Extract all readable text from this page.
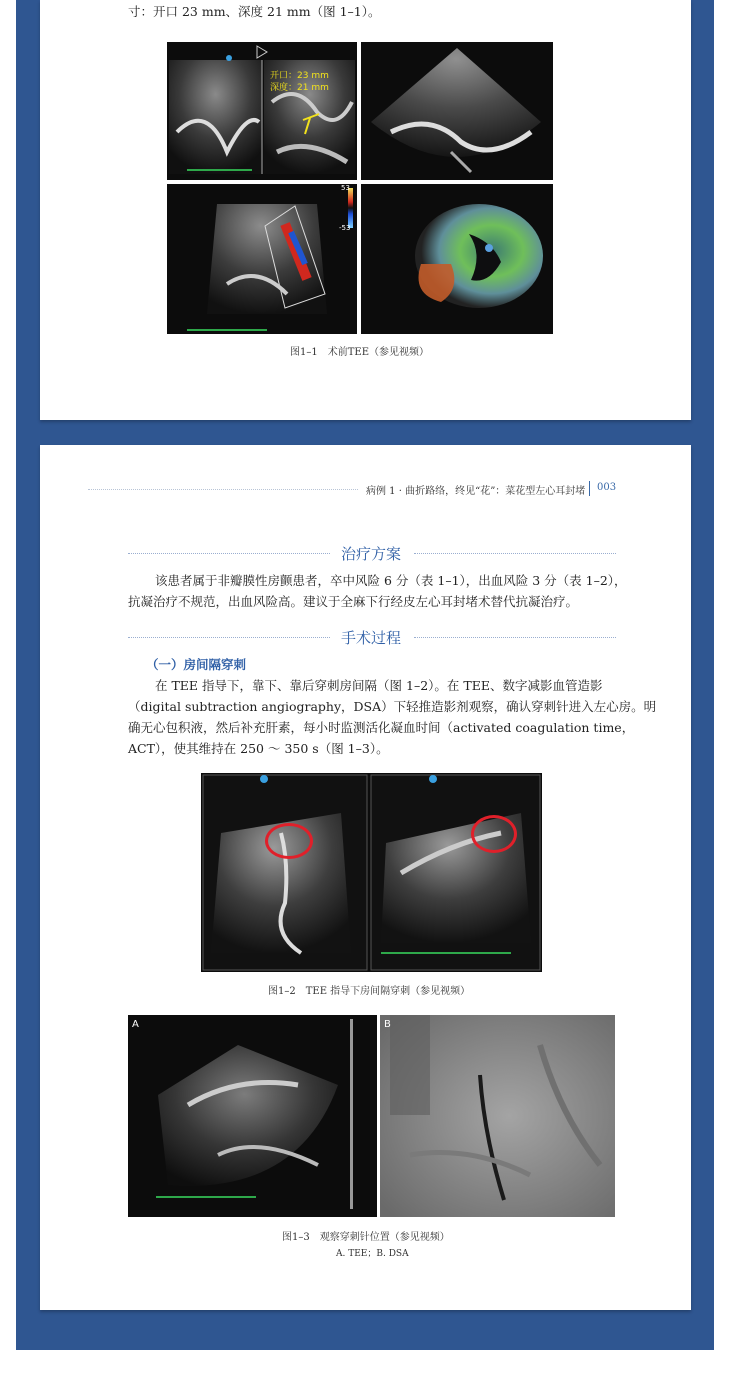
寸：开口 23 mm、深度 21 mm（图 1–1）。
开口：23 mm
深度：21 mm
53
-53
图1–1　术前TEE（参见视频）
病例 1 · 曲折路络，终见“花”：菜花型左心耳封堵 003
治疗方案
该患者属于非瓣膜性房颤患者，卒中风险 6 分（表 1–1），出血风险 3 分（表 1–2），
抗凝治疗不规范，出血风险高。建议于全麻下行经皮左心耳封堵术替代抗凝治疗。
手术过程
（一）房间隔穿刺
在 TEE 指导下，靠下、靠后穿刺房间隔（图 1–2）。在 TEE、数字减影血管造影
（digital subtraction angiography，DSA）下轻推造影剂观察，确认穿刺针进入左心房。明
确无心包积液，然后补充肝素，每小时监测活化凝血时间（activated coagulation time，
ACT），使其维持在 250 ～ 350 s（图 1–3）。
图1–2　TEE 指导下房间隔穿刺（参见视频）
A	B
图1–3　观察穿刺针位置（参见视频）
A. TEE；B. DSA
